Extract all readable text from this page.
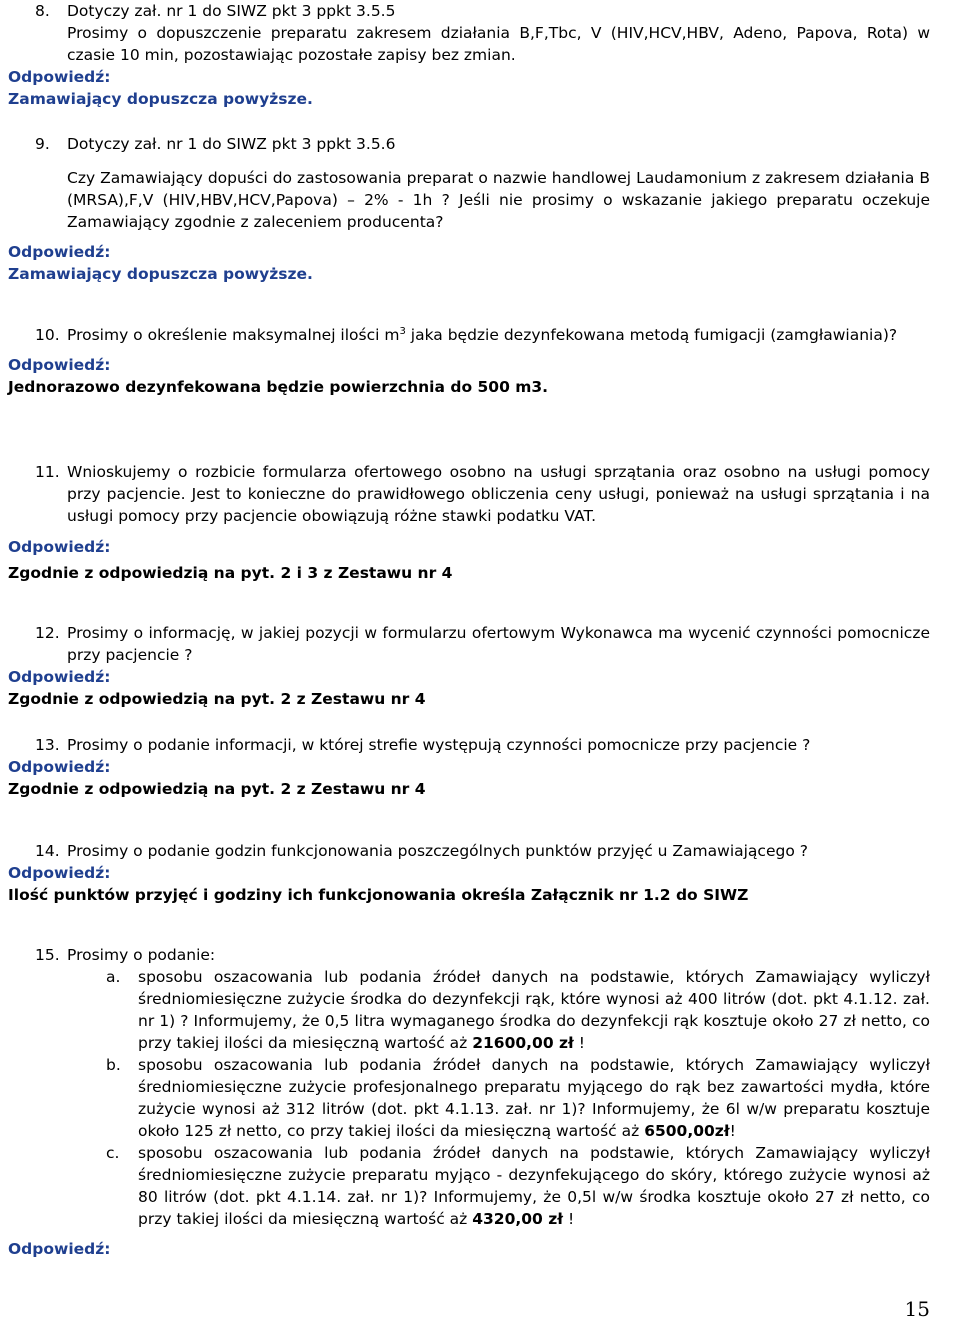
8.	Dotyczy zał. nr 1 do SIWZ pkt 3 ppkt 3.5.5
Prosimy o dopuszczenie preparatu zakresem działania B,F,Tbc, V (HIV,HCV,HBV, Adeno, Papova, Rota) w czasie 10 min, pozostawiając pozostałe zapisy bez zmian.
Odpowiedź:
Zamawiający dopuszcza powyższe.
9.	Dotyczy zał. nr 1 do SIWZ pkt 3 ppkt 3.5.6
Czy Zamawiający dopuści do zastosowania preparat o nazwie handlowej Laudamonium z zakresem działania B (MRSA),F,V (HIV,HBV,HCV,Papova) – 2% - 1h ? Jeśli nie prosimy o wskazanie jakiego preparatu oczekuje Zamawiający zgodnie z zaleceniem producenta?
Odpowiedź:
Zamawiający dopuszcza powyższe.
10. Prosimy o określenie maksymalnej ilości $m^3$ jaka będzie dezynfekowana metodą fumigacji (zamgławiania)?
Odpowiedź:
Jednorazowo dezynfekowana będzie powierzchnia do 500 m3.
11. Wnioskujemy o rozbicie formularza ofertowego osobno na usługi sprzątania oraz osobno na usługi pomocy przy pacjencie. Jest to konieczne do prawidłowego obliczenia ceny usługi, ponieważ na usługi sprzątania i na usługi pomocy przy pacjencie obowiązują różne stawki podatku VAT.
Odpowiedź:
Zgodnie z odpowiedzią na pyt. 2 i 3 z Zestawu nr 4
12. Prosimy o informację, w jakiej pozycji w formularzu ofertowym Wykonawca ma wycenić czynności pomocnicze przy pacjencie ?
Odpowiedź:
Zgodnie z odpowiedzią na pyt. 2 z Zestawu nr 4
13. Prosimy o podanie informacji, w której strefie występują czynności pomocnicze przy pacjencie ?
Odpowiedź:
Zgodnie z odpowiedzią na pyt. 2 z Zestawu nr 4
14. Prosimy o podanie godzin funkcjonowania poszczególnych punktów przyjęć u Zamawiającego ?
Odpowiedź:
Ilość punktów przyjęć i godziny ich funkcjonowania określa Załącznik nr 1.2 do SIWZ
15. Prosimy o podanie:
a.	sposobu oszacowania lub podania źródeł danych na podstawie, których Zamawiający wyliczył średniomiesięczne zużycie środka do dezynfekcji rąk, które wynosi aż 400 litrów (dot. pkt 4.1.12. zał. nr 1) ? Informujemy, że 0,5 litra wymaganego środka do dezynfekcji rąk kosztuje około 27 zł netto, co przy takiej ilości da miesięczną wartość aż 21600,00 zł !
b.	sposobu oszacowania lub podania źródeł danych na podstawie, których Zamawiający wyliczył średniomiesięczne zużycie profesjonalnego preparatu myjącego do rąk bez zawartości mydła, które zużycie wynosi aż 312 litrów (dot. pkt 4.1.13. zał. nr 1)? Informujemy, że 6l w/w preparatu kosztuje około 125 zł netto, co przy takiej ilości da miesięczną wartość aż 6500,00zł!
c.	sposobu oszacowania lub podania źródeł danych na podstawie, których Zamawiający wyliczył średniomiesięczne zużycie preparatu myjąco - dezynfekującego do skóry, którego zużycie wynosi aż 80 litrów (dot. pkt 4.1.14. zał. nr 1)? Informujemy, że 0,5l w/w środka kosztuje około 27 zł netto, co przy takiej ilości da miesięczną wartość aż 4320,00 zł !
Odpowiedź:
15
